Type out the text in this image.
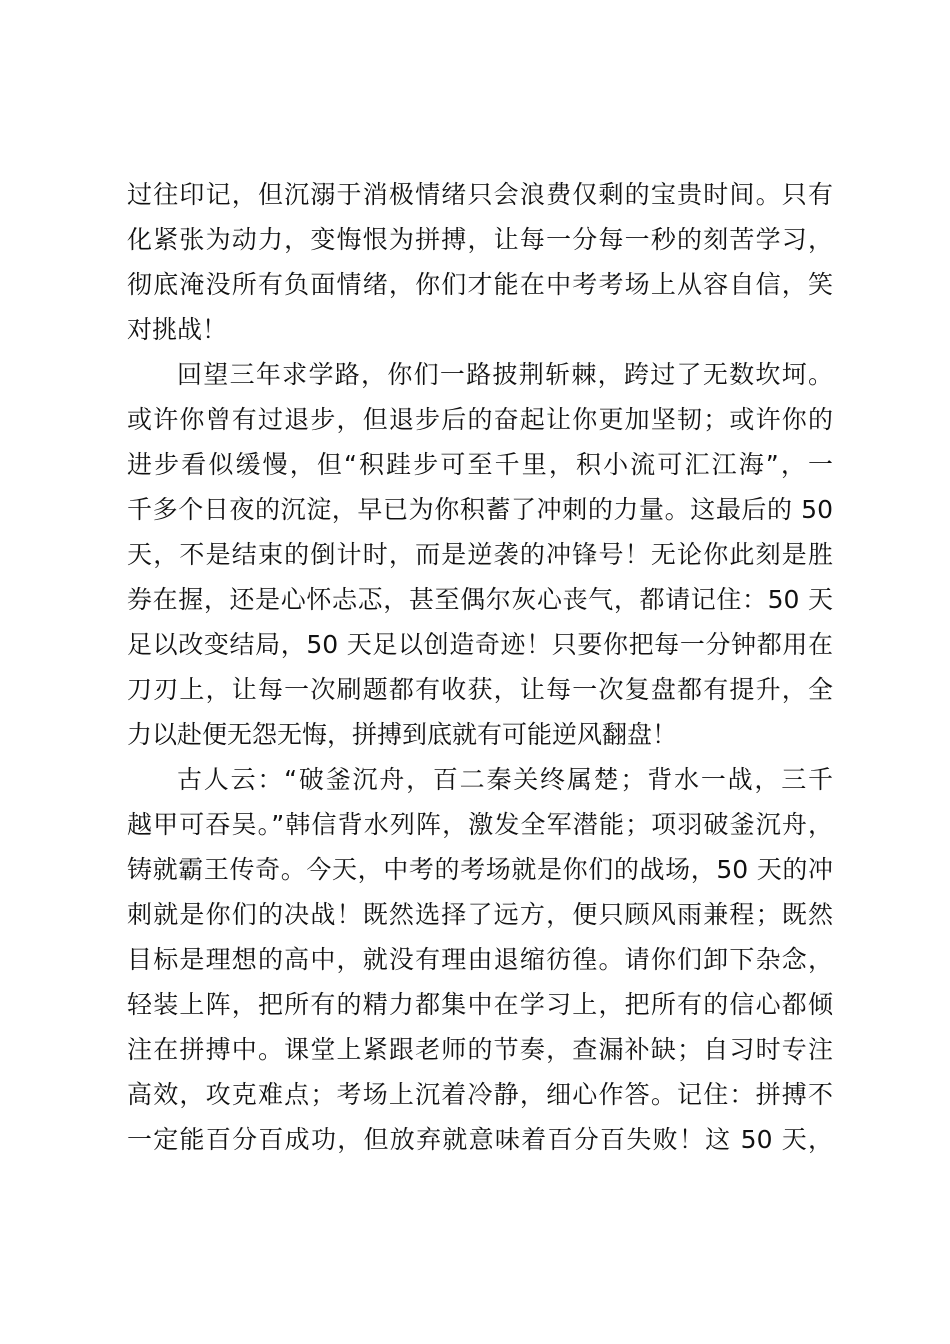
过往印记，但沉溺于消极情绪只会浪费仅剩的宝贵时间。只有
化紧张为动力，变悔恨为拼搏，让每一分每一秒的刻苦学习，
彻底淹没所有负面情绪，你们才能在中考考场上从容自信，笑
对挑战！
回望三年求学路，你们一路披荆斩棘，跨过了无数坎坷。
或许你曾有过退步，但退步后的奋起让你更加坚韧；或许你的
进步看似缓慢，但“积跬步可至千里，积小流可汇江海”，一
千多个日夜的沉淀，早已为你积蓄了冲刺的力量。这最后的 50
天，不是结束的倒计时，而是逆袭的冲锋号！无论你此刻是胜
券在握，还是心怀忐忑，甚至偶尔灰心丧气，都请记住：50 天
足以改变结局，50 天足以创造奇迹！只要你把每一分钟都用在
刀刃上，让每一次刷题都有收获，让每一次复盘都有提升，全
力以赴便无怨无悔，拼搏到底就有可能逆风翻盘！
古人云：“破釜沉舟，百二秦关终属楚；背水一战，三千
越甲可吞吴。”韩信背水列阵，激发全军潜能；项羽破釜沉舟，
铸就霸王传奇。今天，中考的考场就是你们的战场，50 天的冲
刺就是你们的决战！既然选择了远方，便只顾风雨兼程；既然
目标是理想的高中，就没有理由退缩彷徨。请你们卸下杂念，
轻装上阵，把所有的精力都集中在学习上，把所有的信心都倾
注在拼搏中。课堂上紧跟老师的节奏，查漏补缺；自习时专注
高效，攻克难点；考场上沉着冷静，细心作答。记住：拼搏不
一定能百分百成功，但放弃就意味着百分百失败！这 50 天，
